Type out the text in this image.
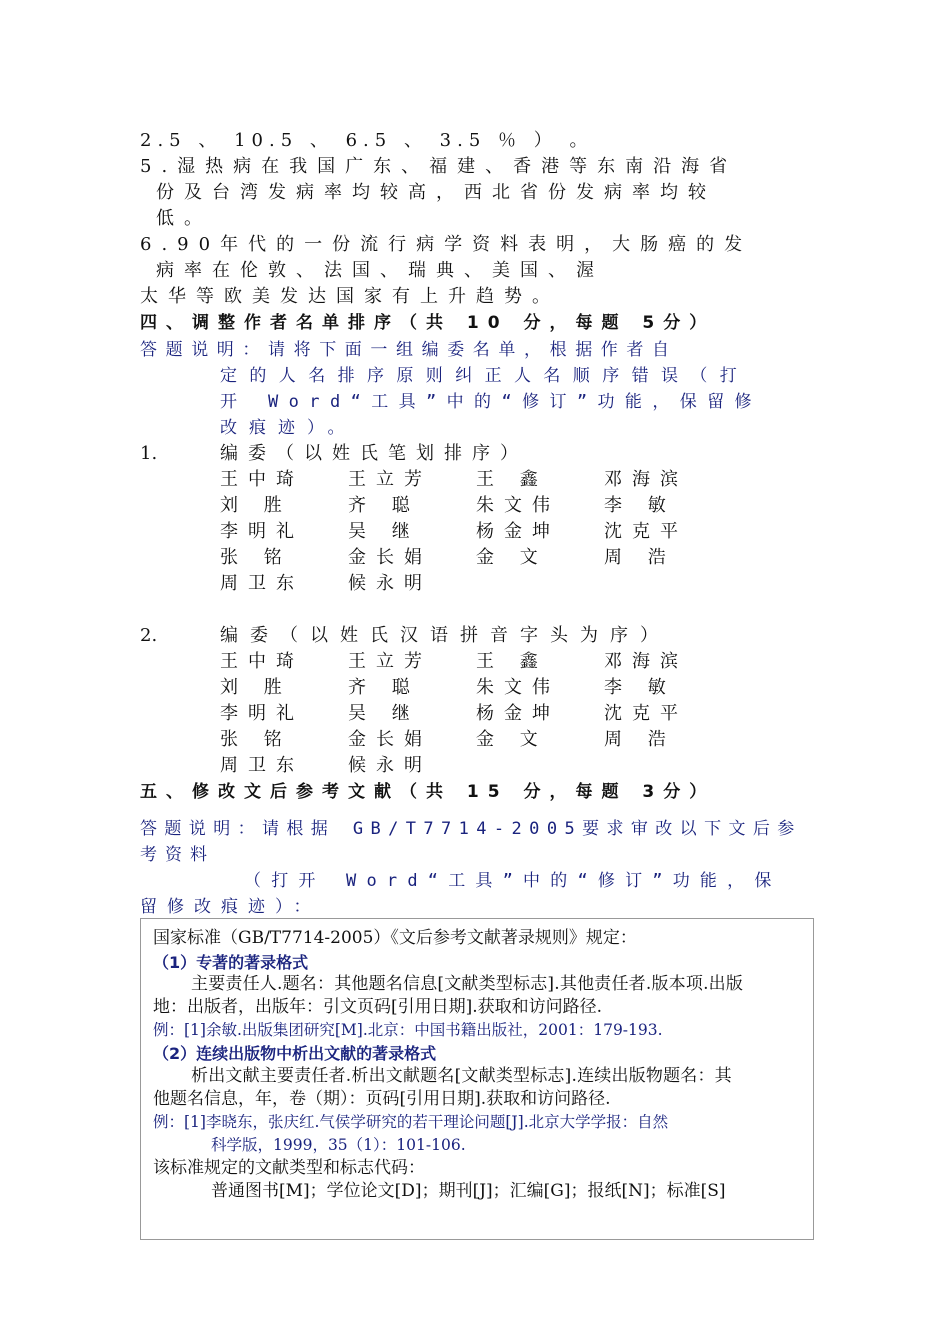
2.5 、 10.5 、 6.5 、 3.5 ％ ） 。
5.湿热病在我国广东、福建、香港等东南沿海省
份及台湾发病率均较高，西北省份发病率均较
低。
6.90年代的一份流行病学资料表明，大肠癌的发
病率在伦敦、法国、瑞典、美国、渥
太华等欧美发达国家有上升趋势。
四、调整作者名单排序（共 10 分，每题 5分）
答题说明：请将下面一组编委名单，根据作者自
定的人名排序原则纠正人名顺序错误（打
开 Word“工具”中的“修订”功能，保留修
改痕迹）。
1.	编委（以姓氏笔划排序）
王中琦	王立芳	王 鑫	邓海滨
刘 胜	齐 聪	朱文伟	李 敏
李明礼	吴 继	杨金坤	沈克平
张 铭	金长娟	金 文	周 浩
周卫东	候永明
2.	编委（以姓氏汉语拼音字头为序）
王中琦	王立芳	王 鑫	邓海滨
刘 胜	齐 聪	朱文伟	李 敏
李明礼	吴 继	杨金坤	沈克平
张 铭	金长娟	金 文	周 浩
周卫东	候永明
五、修改文后参考文献（共 15 分，每题 3分）
答题说明：请根据 GB/T7714-2005要求审改以下文后参
考资料
（打开 Word“工具”中的“修订”功能，保
留修改痕迹）：
国家标准（GB/T7714-2005）《文后参考文献著录规则》规定：
（1）专著的著录格式
主要责任人.题名：其他题名信息[文献类型标志].其他责任者.版本项.出版
地：出版者，出版年：引文页码[引用日期].获取和访问路径.
例：[1]余敏.出版集团研究[M].北京：中国书籍出版社，2001：179-193.
（2）连续出版物中析出文献的著录格式
析出文献主要责任者.析出文献题名[文献类型标志].连续出版物题名：其
他题名信息，年，卷（期）：页码[引用日期].获取和访问路径.
例：[1]李晓东，张庆红.气侯学研究的若干理论问题[J].北京大学学报：自然
科学版，1999，35（1）：101-106.
该标准规定的文献类型和标志代码：
普通图书[M]；学位论文[D]；期刊[J]；汇编[G]；报纸[N]；标准[S]
